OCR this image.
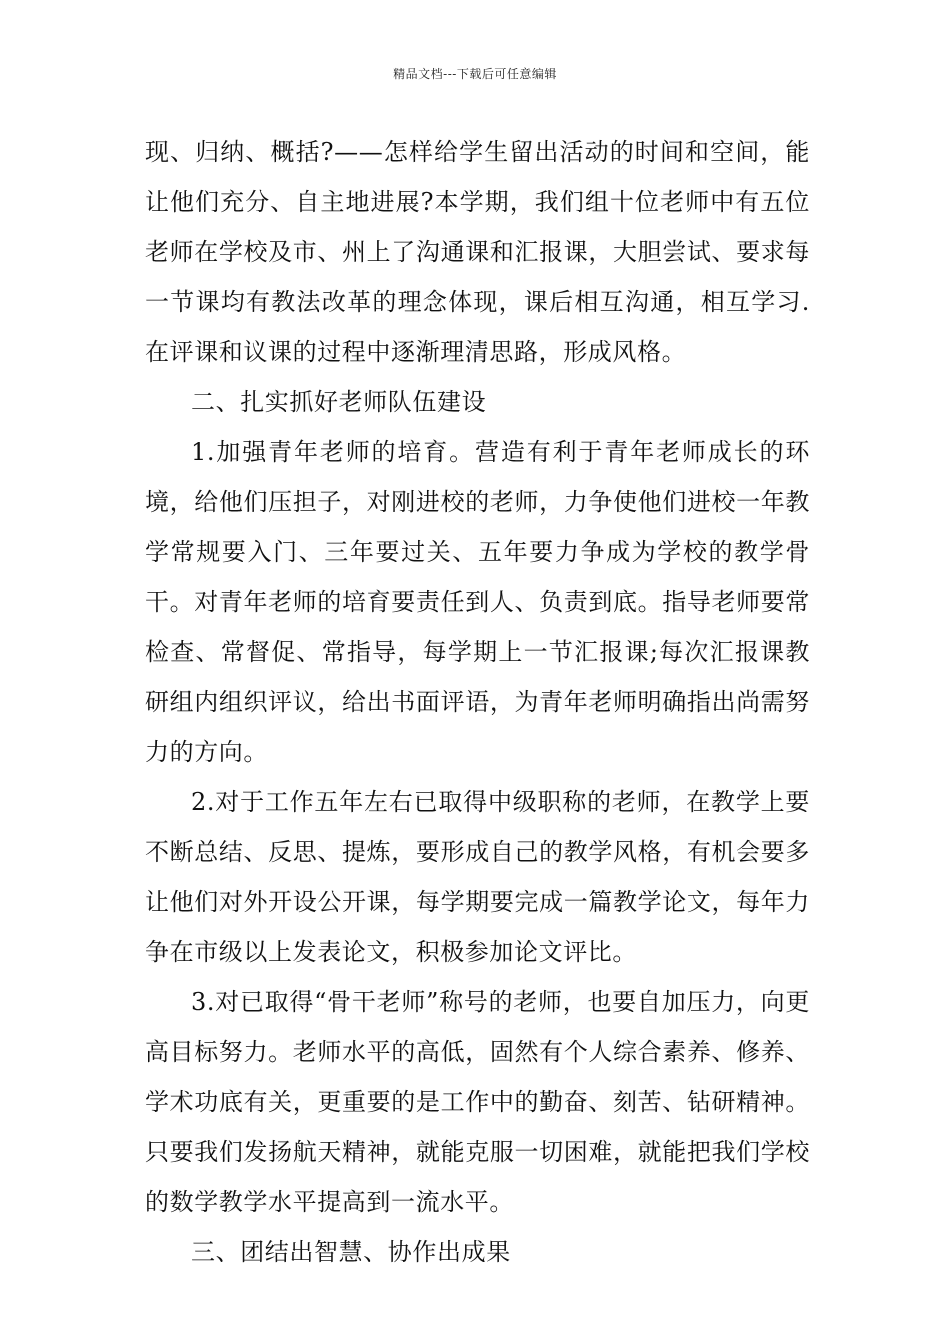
精品文档---下载后可任意编辑

现、归纳、概括?——怎样给学生留出活动的时间和空间，能让他们充分、自主地进展?本学期，我们组十位老师中有五位老师在学校及市、州上了沟通课和汇报课，大胆尝试、要求每一节课均有教法改革的理念体现，课后相互沟通，相互学习.在评课和议课的过程中逐渐理清思路，形成风格。

二、扎实抓好老师队伍建设

1.加强青年老师的培育。营造有利于青年老师成长的环境，给他们压担子，对刚进校的老师，力争使他们进校一年教学常规要入门、三年要过关、五年要力争成为学校的教学骨干。对青年老师的培育要责任到人、负责到底。指导老师要常检查、常督促、常指导，每学期上一节汇报课;每次汇报课教研组内组织评议，给出书面评语，为青年老师明确指出尚需努力的方向。

2.对于工作五年左右已取得中级职称的老师，在教学上要不断总结、反思、提炼，要形成自己的教学风格，有机会要多让他们对外开设公开课，每学期要完成一篇教学论文，每年力争在市级以上发表论文，积极参加论文评比。

3.对已取得“骨干老师”称号的老师，也要自加压力，向更高目标努力。老师水平的高低，固然有个人综合素养、修养、学术功底有关，更重要的是工作中的勤奋、刻苦、钻研精神。只要我们发扬航天精神，就能克服一切困难，就能把我们学校的数学教学水平提高到一流水平。

三、团结出智慧、协作出成果
